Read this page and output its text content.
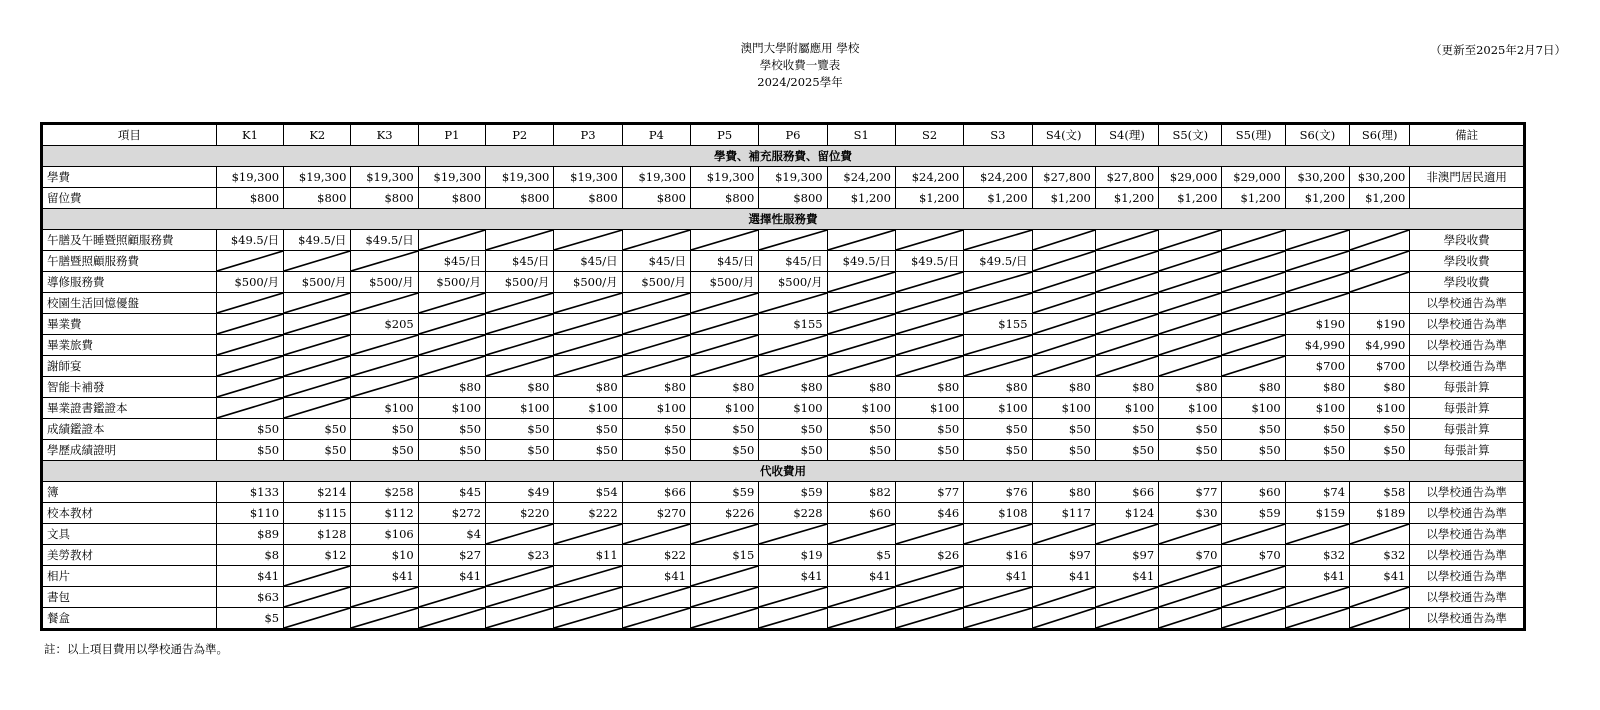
澳門大學附屬應用 學校
學校收費一覽表
2024/2025學年
（更新至2025年2月7日）
項目	K1	K2	K3	P1	P2	P3	P4	P5	P6	S1	S2	S3	S4(文)	S4(理)	S5(文)	S5(理)	S6(文)	S6(理)	備註
學費、補充服務費、留位費																			
學費	$19,300	$19,300	$19,300	$19,300	$19,300	$19,300	$19,300	$19,300	$19,300	$24,200	$24,200	$24,200	$27,800	$27,800	$29,000	$29,000	$30,200	$30,200	非澳門居民適用
留位費	$800	$800	$800	$800	$800	$800	$800	$800	$800	$1,200	$1,200	$1,200	$1,200	$1,200	$1,200	$1,200	$1,200	$1,200	
選擇性服務費																			
午膳及午睡暨照顧服務費	$49.5/日	$49.5/日	$49.5/日																學段收費
午膳暨照顧服務費				$45/日	$45/日	$45/日	$45/日	$45/日	$45/日	$49.5/日	$49.5/日	$49.5/日							學段收費
導修服務費	$500/月	$500/月	$500/月	$500/月	$500/月	$500/月	$500/月	$500/月	$500/月										學段收費
校園生活回憶優盤																			以學校通告為準
畢業費			$205						$155			$155					$190	$190	以學校通告為準
畢業旅費																	$4,990	$4,990	以學校通告為準
謝師宴																	$700	$700	以學校通告為準
智能卡補發				$80	$80	$80	$80	$80	$80	$80	$80	$80	$80	$80	$80	$80	$80	$80	每張計算
畢業證書鑑證本			$100	$100	$100	$100	$100	$100	$100	$100	$100	$100	$100	$100	$100	$100	$100	$100	每張計算
成績鑑證本	$50	$50	$50	$50	$50	$50	$50	$50	$50	$50	$50	$50	$50	$50	$50	$50	$50	$50	每張計算
學歷成績證明	$50	$50	$50	$50	$50	$50	$50	$50	$50	$50	$50	$50	$50	$50	$50	$50	$50	$50	每張計算
代收費用																			
簿	$133	$214	$258	$45	$49	$54	$66	$59	$59	$82	$77	$76	$80	$66	$77	$60	$74	$58	以學校通告為準
校本教材	$110	$115	$112	$272	$220	$222	$270	$226	$228	$60	$46	$108	$117	$124	$30	$59	$159	$189	以學校通告為準
文具	$89	$128	$106	$4															以學校通告為準
美勞教材	$8	$12	$10	$27	$23	$11	$22	$15	$19	$5	$26	$16	$97	$97	$70	$70	$32	$32	以學校通告為準
相片	$41		$41	$41			$41		$41	$41		$41	$41	$41			$41	$41	以學校通告為準
書包	$63																		以學校通告為準
餐盒	$5																		以學校通告為準
註：以上項目費用以學校通告為準。
